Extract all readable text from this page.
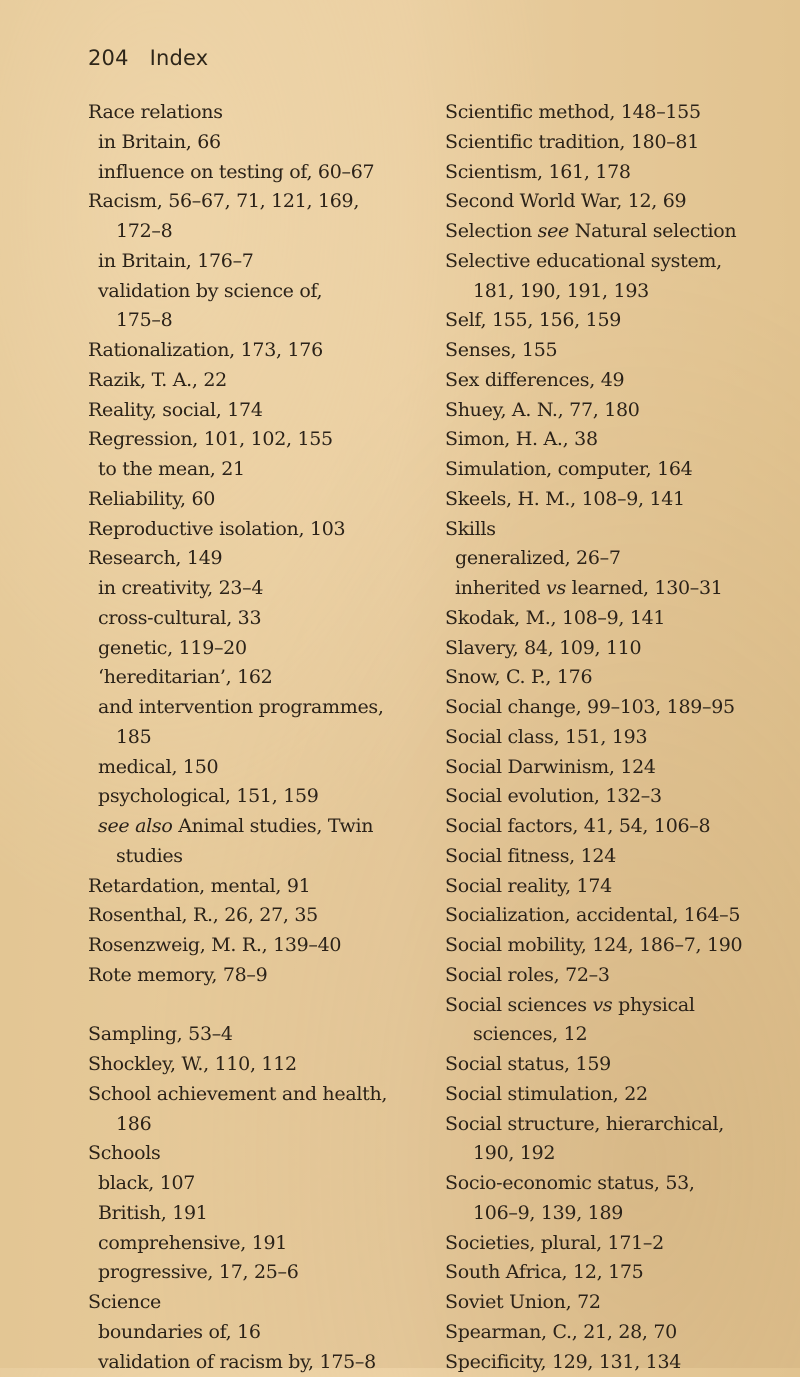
204 Index
Race relations
in Britain, 66
influence on testing of, 60–67
Racism, 56–67, 71, 121, 169,
172–8
in Britain, 176–7
validation by science of,
175–8
Rationalization, 173, 176
Razik, T. A., 22
Reality, social, 174
Regression, 101, 102, 155
to the mean, 21
Reliability, 60
Reproductive isolation, 103
Research, 149
in creativity, 23–4
cross-cultural, 33
genetic, 119–20
‘hereditarian’, 162
and intervention programmes,
185
medical, 150
psychological, 151, 159
see also Animal studies, Twin
studies
Retardation, mental, 91
Rosenthal, R., 26, 27, 35
Rosenzweig, M. R., 139–40
Rote memory, 78–9
Sampling, 53–4
Shockley, W., 110, 112
School achievement and health,
186
Schools
black, 107
British, 191
comprehensive, 191
progressive, 17, 25–6
Science
boundaries of, 16
validation of racism by, 175–8
Scientific method, 148–155
Scientific tradition, 180–81
Scientism, 161, 178
Second World War, 12, 69
Selection see Natural selection
Selective educational system,
181, 190, 191, 193
Self, 155, 156, 159
Senses, 155
Sex differences, 49
Shuey, A. N., 77, 180
Simon, H. A., 38
Simulation, computer, 164
Skeels, H. M., 108–9, 141
Skills
generalized, 26–7
inherited vs learned, 130–31
Skodak, M., 108–9, 141
Slavery, 84, 109, 110
Snow, C. P., 176
Social change, 99–103, 189–95
Social class, 151, 193
Social Darwinism, 124
Social evolution, 132–3
Social factors, 41, 54, 106–8
Social fitness, 124
Social reality, 174
Socialization, accidental, 164–5
Social mobility, 124, 186–7, 190
Social roles, 72–3
Social sciences vs physical
sciences, 12
Social status, 159
Social stimulation, 22
Social structure, hierarchical,
190, 192
Socio-economic status, 53,
106–9, 139, 189
Societies, plural, 171–2
South Africa, 12, 175
Soviet Union, 72
Spearman, C., 21, 28, 70
Specificity, 129, 131, 134
